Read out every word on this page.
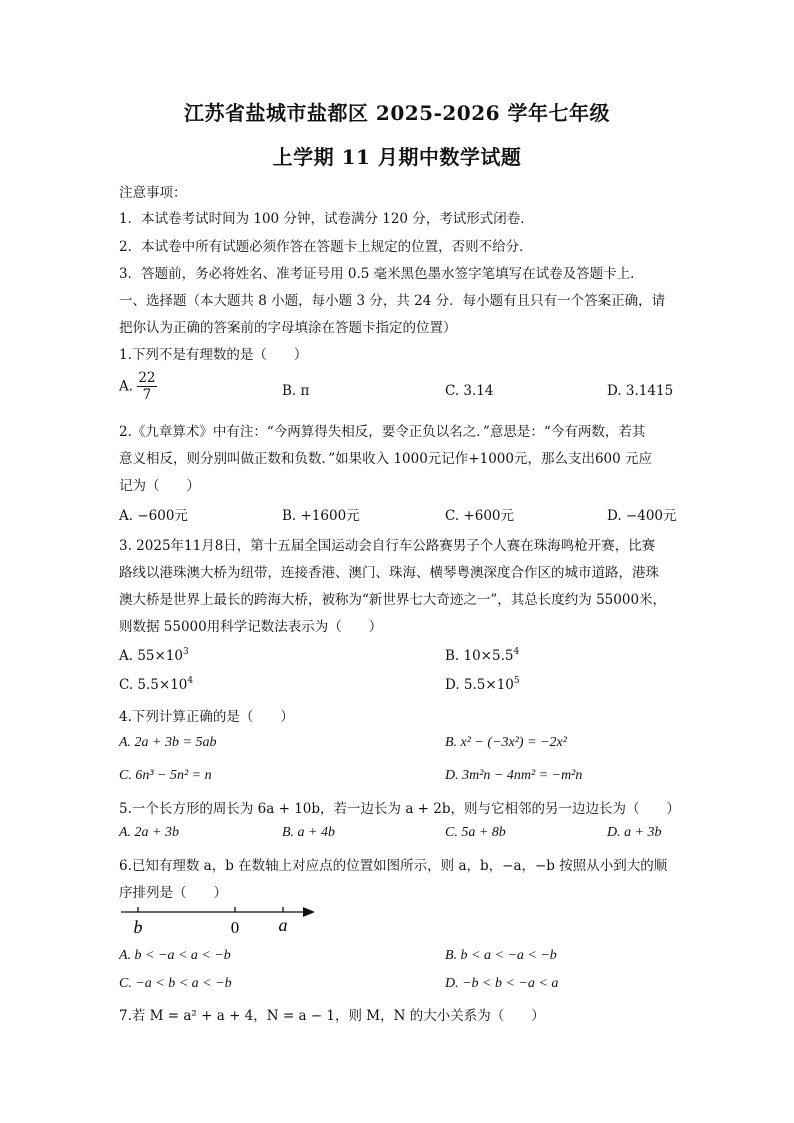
江苏省盐城市盐都区 2025-2026 学年七年级
上学期 11 月期中数学试题
注意事项：
1．本试卷考试时间为 100 分钟，试卷满分 120 分，考试形式闭卷．
2．本试卷中所有试题必须作答在答题卡上规定的位置，否则不给分．
3．答题前，务必将姓名、准考证号用 0.5 毫米黑色墨水签字笔填写在试卷及答题卡上．
一、选择题（本大题共 8 小题，每小题 3 分，共 24 分．每小题有且只有一个答案正确，请
把你认为正确的答案前的字母填涂在答题卡指定的位置）
1.下列不是有理数的是（　　）
A. $\frac{22}{7}$	B. π	C. 3.14	D. 3.1415
2.《九章算术》中有注：“今两算得失相反，要令正负以名之．”意思是：“今有两数，若其
意义相反，则分别叫做正数和负数．”如果收入 1000元记作+1000元，那么支出600 元应
记为（　　）
A. −600元	B. +1600元	C. +600元	D. −400元
3. 2025年11月8日，第十五届全国运动会自行车公路赛男子个人赛在珠海鸣枪开赛，比赛
路线以港珠澳大桥为纽带，连接香港、澳门、珠海、横琴粤澳深度合作区的城市道路，港珠
澳大桥是世界上最长的跨海大桥，被称为“新世界七大奇迹之一”，其总长度约为 55000米，
则数据 55000用科学记数法表示为（　　）
A. $55\times 10^3$	B. $10\times 5.5^4$
C. $5.5\times 10^4$	D. $5.5\times 10^5$
4.下列计算正确的是（　　）
A. 2a + 3b = 5ab	B. x² − (−3x²) = −2x²
C. 6n³ − 5n² = n	D. 3m²n − 4nm² = −m²n
5.一个长方形的周长为 6a + 10b，若一边长为 a + 2b，则与它相邻的另一边边长为（　　）
A. 2a + 3b	B. a + 4b	C. 5a + 8b	D. a + 3b
6.已知有理数 a，b 在数轴上对应点的位置如图所示，则 a，b，−a，−b 按照从小到大的顺
序排列是（　　）
b	0 a
A. b < −a < a < −b	B. b < a < −a < −b
C. −a < b < a < −b	D. −b < b < −a < a
7.若 M = a² + a + 4，N = a − 1，则 M，N 的大小关系为（　　）
